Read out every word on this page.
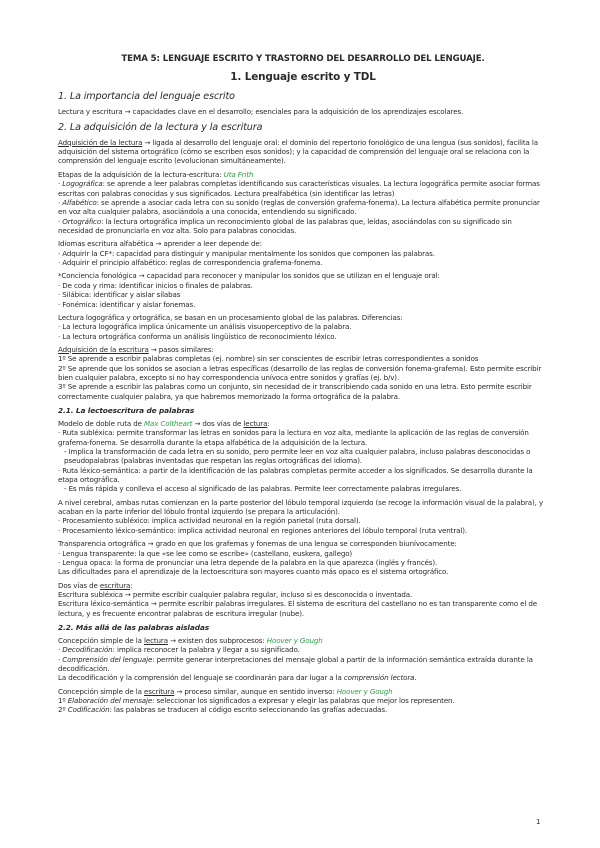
TEMA 5: LENGUAJE ESCRITO Y TRASTORNO DEL DESARROLLO DEL LENGUAJE.
1. Lenguaje escrito y TDL
1. La importancia del lenguaje escrito

Lectura y escritura → capacidades clave en el desarrollo; esenciales para la adquisición de los aprendizajes escolares.

2. La adquisición de la lectura y la escritura

Adquisición de la lectura → ligada al desarrollo del lenguaje oral: el dominio del repertorio fonológico de una lengua (sus sonidos), facilita la adquisición del sistema ortográfico (cómo se escriben esos sonidos); y la capacidad de comprensión del lenguaje oral se relaciona con la comprensión del lenguaje escrito (evolucionan simultáneamente).

Etapas de la adquisición de la lectura-escritura: Uta Frith
· Logográfica: se aprende a leer palabras completas identificando sus características visuales. La lectura logográfica permite asociar formas escritas con palabras conocidas y sus significados. Lectura prealfabética (sin identificar las letras)
· Alfabético: se aprende a asociar cada letra con su sonido (reglas de conversión grafema-fonema). La lectura alfabética permite pronunciar en voz alta cualquier palabra, asociándola a una conocida, entendiendo su significado.
· Ortográfico: la lectura ortográfica implica un reconocimiento global de las palabras que, leídas, asociándolas con su significado sin necesidad de pronunciarla en voz alta. Solo para palabras conocidas.

Idiomas escritura alfabética → aprender a leer depende de:
· Adquirir la CF*: capacidad para distinguir y manipular mentalmente los sonidos que componen las palabras.
· Adquirir el principio alfabético: reglas de correspondencia grafema-fonema.

*Conciencia fonológica → capacidad para reconocer y manipular los sonidos que se utilizan en el lenguaje oral:
· De coda y rima: identificar inicios o finales de palabras.
· Silábica: identificar y aislar sílabas
· Fonémica: identificar y aislar fonemas.

Lectura logográfica y ortográfica, se basan en un procesamiento global de las palabras. Diferencias:
· La lectura logográfica implica únicamente un análisis visuoperceptivo de la palabra.
· La lectura ortográfica conforma un análisis lingüístico de reconocimiento léxico.

Adquisición de la escritura → pasos similares:
1º Se aprende a escribir palabras completas (ej. nombre) sin ser conscientes de escribir letras correspondientes a sonidos
2º Se aprende que los sonidos se asocian a letras específicas (desarrollo de las reglas de conversión fonema-grafema). Esto permite escribir bien cualquier palabra, excepto si no hay correspondencia unívoca entre sonidos y grafías (ej. b/v).
3º Se aprende a escribir las palabras como un conjunto, sin necesidad de ir transcribiendo cada sonido en una letra. Esto permite escribir correctamente cualquier palabra, ya que habremos memorizado la forma ortográfica de la palabra.

2.1. La lectoescritura de palabras

Modelo de doble ruta de Max Coltheart → dos vías de lectura:
· Ruta subléxica: permite transformar las letras en sonidos para la lectura en voz alta, mediante la aplicación de las reglas de conversión grafema-fonema. Se desarrolla durante la etapa alfabética de la adquisición de la lectura.
- Implica la transformación de cada letra en su sonido, pero permite leer en voz alta cualquier palabra, incluso palabras desconocidas o pseudopalabras (palabras inventadas que respetan las reglas ortográficas del idioma).
· Ruta léxico-semántica: a partir de la identificación de las palabras completas permite acceder a los significados. Se desarrolla durante la etapa ortográfica.
- Es más rápida y conlleva el acceso al significado de las palabras. Permite leer correctamente palabras irregulares.

A nivel cerebral, ambas rutas comienzan en la parte posterior del lóbulo temporal izquierdo (se recoge la información visual de la palabra), y acaban en la parte inferior del lóbulo frontal izquierdo (se prepara la articulación).
· Procesamiento subléxico: implica actividad neuronal en la región parietal (ruta dorsal).
· Procesamiento léxico-semántico: implica actividad neuronal en regiones anteriores del lóbulo temporal (ruta ventral).

Transparencia ortográfica → grado en que los grafemas y fonemas de una lengua se corresponden biunívocamente:
· Lengua transparente: la que «se lee como se escribe» (castellano, euskera, gallego)
· Lengua opaca: la forma de pronunciar una letra depende de la palabra en la que aparezca (inglés y francés).
Las dificultades para el aprendizaje de la lectoescritura son mayores cuanto más opaco es el sistema ortográfico.

Dos vías de escritura:
Escritura subléxica → permite escribir cualquier palabra regular, incluso si es desconocida o inventada.
Escritura léxico-semántica → permite escribir palabras irregulares. El sistema de escritura del castellano no es tan transparente como el de lectura, y es frecuente encontrar palabras de escritura irregular (nube).

2.2. Más allá de las palabras aisladas

Concepción simple de la lectura → existen dos subprocesos: Hoover y Gough
· Decodificación: implica reconocer la palabra y llegar a su significado.
· Comprensión del lenguaje: permite generar interpretaciones del mensaje global a partir de la información semántica extraída durante la decodificación.
La decodificación y la comprensión del lenguaje se coordinarán para dar lugar a la comprensión lectora.

Concepción simple de la escritura → proceso similar, aunque en sentido inverso: Hoover y Gough
1º Elaboración del mensaje: seleccionar los significados a expresar y elegir las palabras que mejor los representen.
2º Codificación: las palabras se traducen al código escrito seleccionando las grafías adecuadas.

1
